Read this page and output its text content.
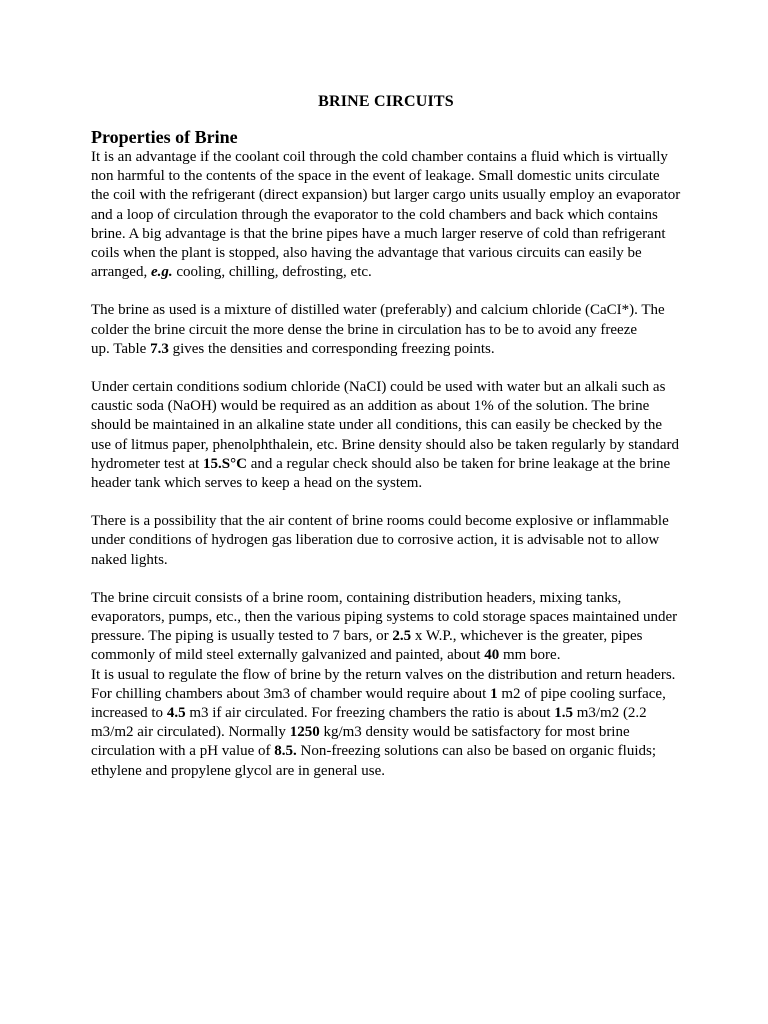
BRINE CIRCUITS
Properties of Brine

It is an advantage if the coolant coil through the cold chamber contains a fluid which is virtually non harmful to the contents of the space in the event of leakage. Small domestic units circulate the coil with the refrigerant (direct expansion) but larger cargo units usually employ an evaporator and a loop of circulation through the evaporator to the cold chambers and back which contains brine. A big advantage is that the brine pipes have a much larger reserve of cold than refrigerant coils when the plant is stopped, also having the advantage that various circuits can easily be arranged, e.g. cooling, chilling, defrosting, etc.

The brine as used is a mixture of distilled water (preferably) and calcium chloride (CaCI*). The colder the brine circuit the more dense the brine in circulation has to be to avoid any freeze
up. Table 7.3 gives the densities and corresponding freezing points.

Under certain conditions sodium chloride (NaCI) could be used with water but an alkali such as caustic soda (NaOH) would be required as an addition as about 1% of the solution. The brine should be maintained in an alkaline state under all conditions, this can easily be checked by the use of litmus paper, phenolphthalein, etc. Brine density should also be taken regularly by standard hydrometer test at 15.S°C and a regular check should also be taken for brine leakage at the brine header tank which serves to keep a head on the system.

There is a possibility that the air content of brine rooms could become explosive or inflammable under conditions of hydrogen gas liberation due to corrosive action, it is advisable not to allow naked lights.

The brine circuit consists of a brine room, containing distribution headers, mixing tanks, evaporators, pumps, etc., then the various piping systems to cold storage spaces maintained under pressure. The piping is usually tested to 7 bars, or 2.5 x W.P., whichever is the greater, pipes commonly of mild steel externally galvanized and painted, about 40 mm bore.

It is usual to regulate the flow of brine by the return valves on the distribution and return headers.

For chilling chambers about 3m3 of chamber would require about 1 m2 of pipe cooling surface, increased to 4.5 m3 if air circulated. For freezing chambers the ratio is about 1.5 m3/m2 (2.2 m3/m2 air circulated). Normally 1250 kg/m3 density would be satisfactory for most brine circulation with a pH value of 8.5. Non-freezing solutions can also be based on organic fluids; ethylene and propylene glycol are in general use.
